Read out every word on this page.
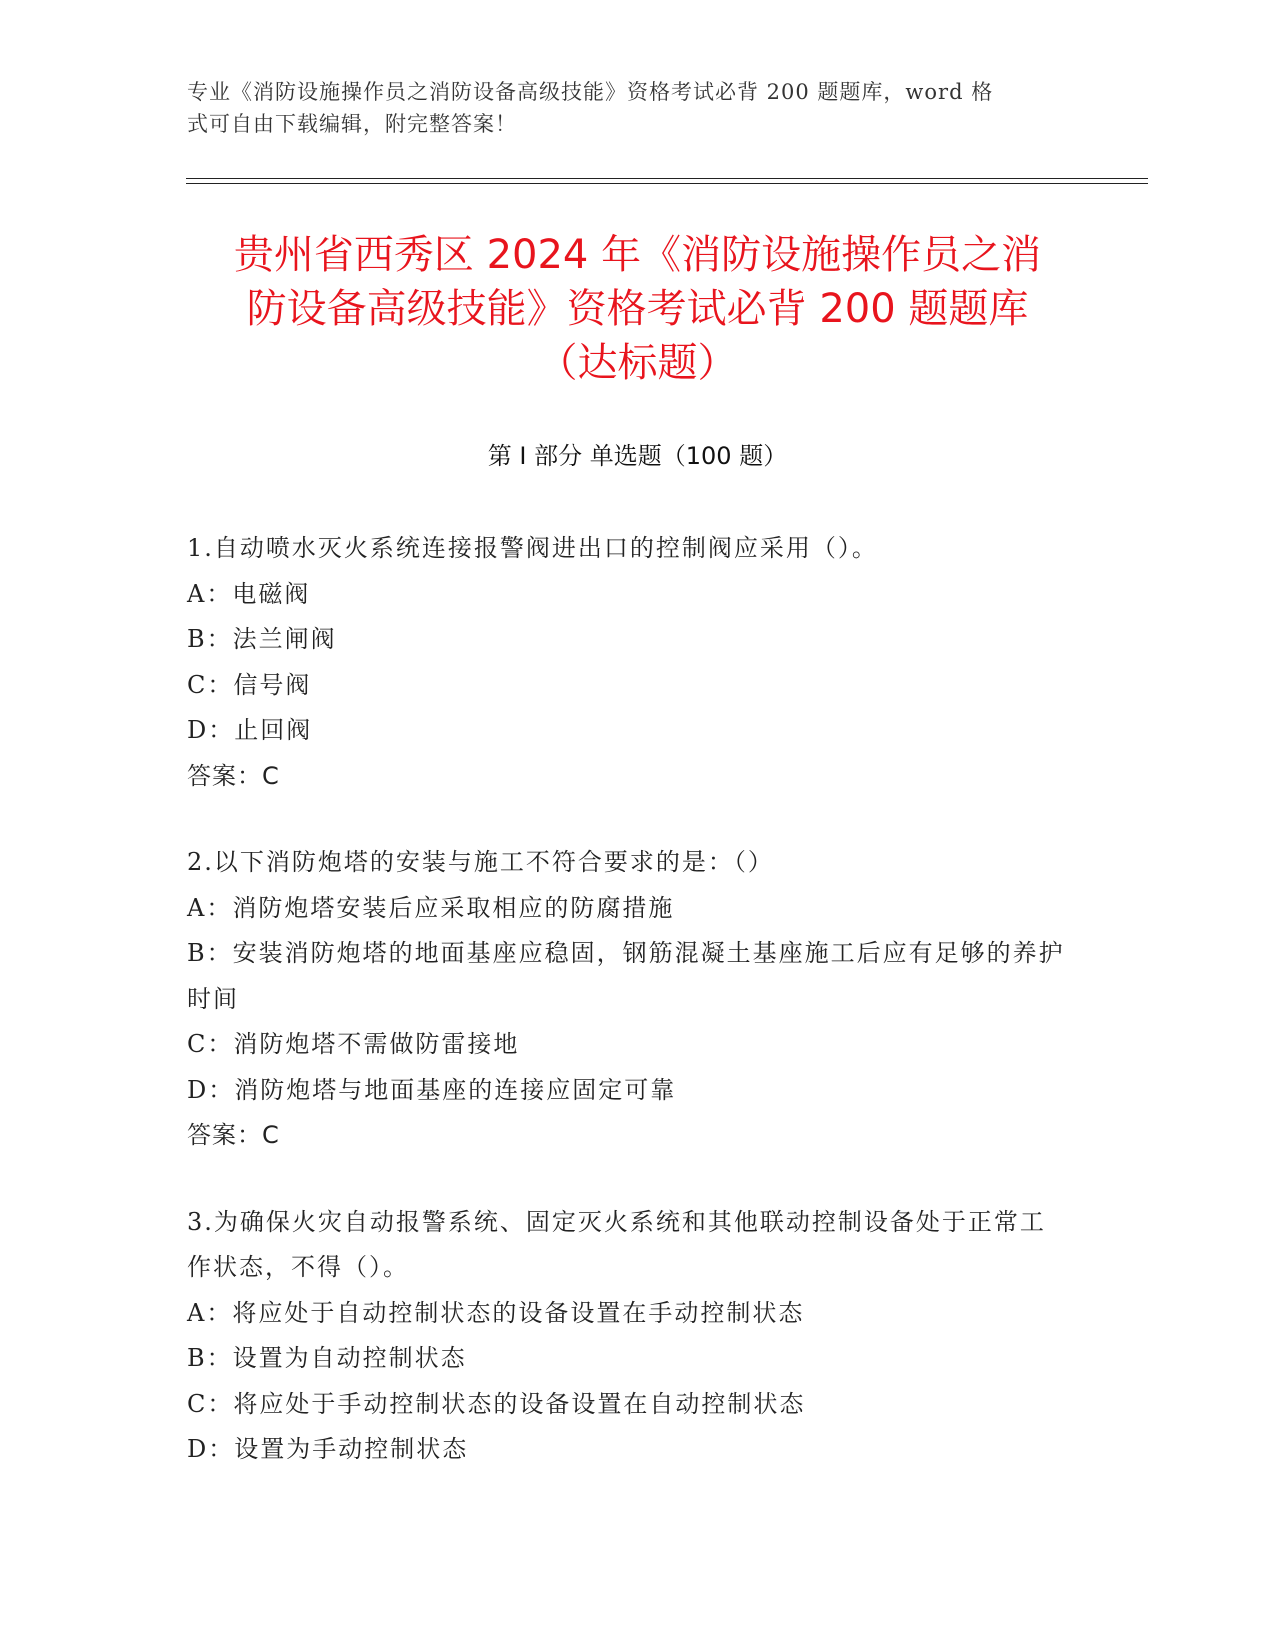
专业《消防设施操作员之消防设备高级技能》资格考试必背 200 题题库，word 格
式可自由下载编辑，附完整答案！
贵州省西秀区 2024 年《消防设施操作员之消
防设备高级技能》资格考试必背 200 题题库
（达标题）
第 I 部分 单选题（100 题）
1.自动喷水灭火系统连接报警阀进出口的控制阀应采用（）。
A：电磁阀
B：法兰闸阀
C：信号阀
D：止回阀
答案：C
2.以下消防炮塔的安装与施工不符合要求的是：（）
A：消防炮塔安装后应采取相应的防腐措施
B：安装消防炮塔的地面基座应稳固，钢筋混凝土基座施工后应有足够的养护时间
C：消防炮塔不需做防雷接地
D：消防炮塔与地面基座的连接应固定可靠
答案：C
3.为确保火灾自动报警系统、固定灭火系统和其他联动控制设备处于正常工作状态，不得（）。
A：将应处于自动控制状态的设备设置在手动控制状态
B：设置为自动控制状态
C：将应处于手动控制状态的设备设置在自动控制状态
D：设置为手动控制状态
